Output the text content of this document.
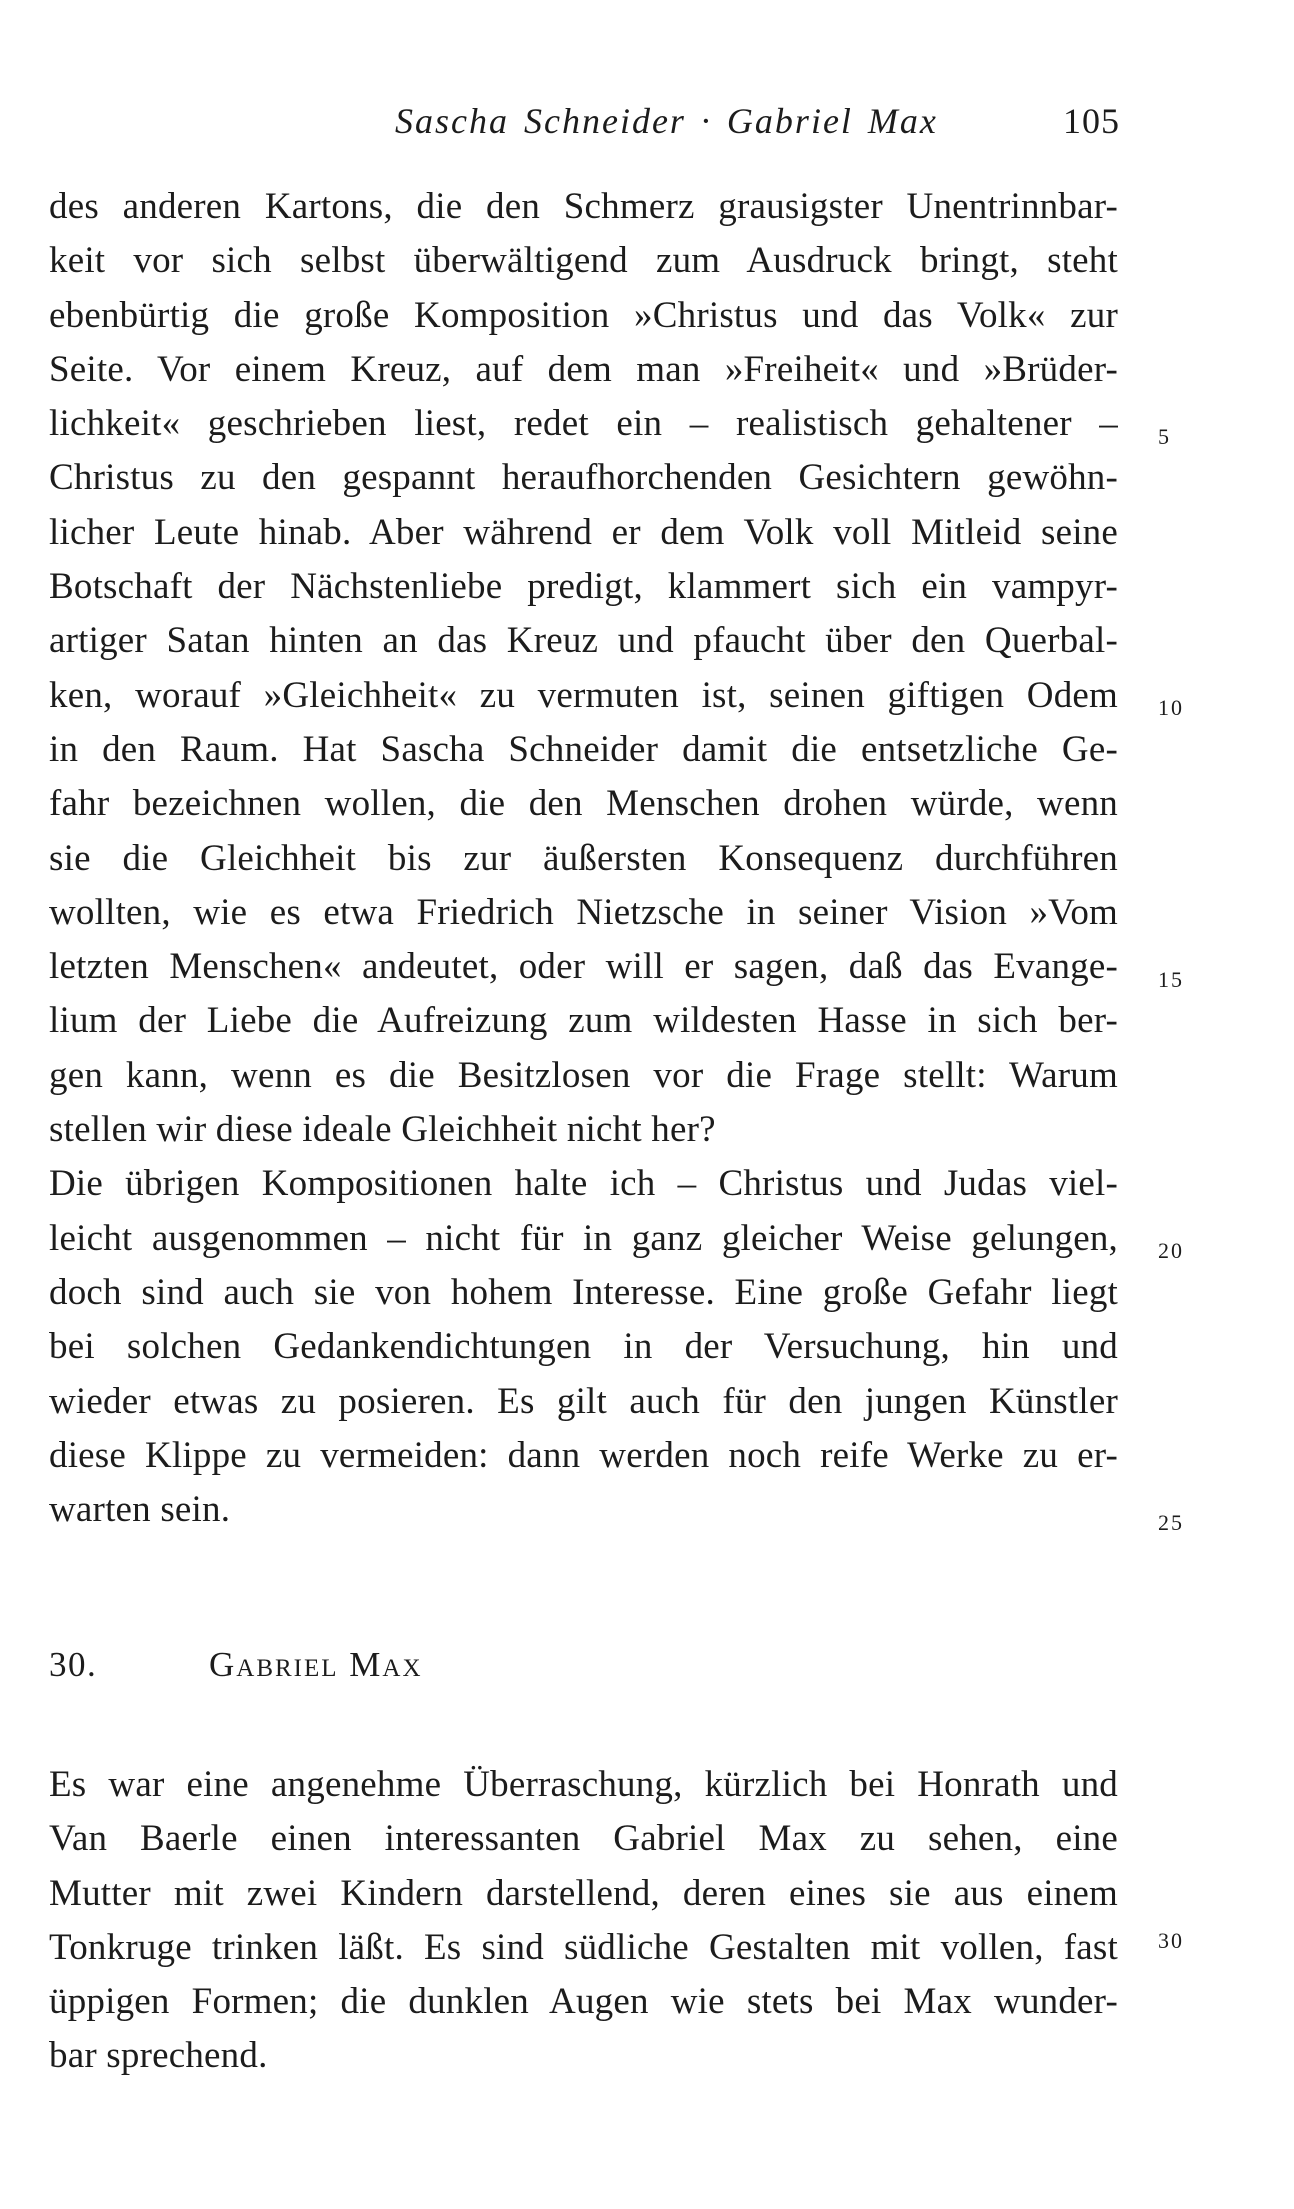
Sascha Schneider · Gabriel Max	105
des anderen Kartons, die den Schmerz grausigster Unentrinnbar-
keit vor sich selbst überwältigend zum Ausdruck bringt, steht
ebenbürtig die große Komposition »Christus und das Volk« zur
Seite. Vor einem Kreuz, auf dem man »Freiheit« und »Brüder-
lichkeit« geschrieben liest, redet ein – realistisch gehaltener –
Christus zu den gespannt heraufhorchenden Gesichtern gewöhn-
licher Leute hinab. Aber während er dem Volk voll Mitleid seine
Botschaft der Nächstenliebe predigt, klammert sich ein vampyr-
artiger Satan hinten an das Kreuz und pfaucht über den Querbal-
ken, worauf »Gleichheit« zu vermuten ist, seinen giftigen Odem
in den Raum. Hat Sascha Schneider damit die entsetzliche Ge-
fahr bezeichnen wollen, die den Menschen drohen würde, wenn
sie die Gleichheit bis zur äußersten Konsequenz durchführen
wollten, wie es etwa Friedrich Nietzsche in seiner Vision »Vom
letzten Menschen« andeutet, oder will er sagen, daß das Evange-
lium der Liebe die Aufreizung zum wildesten Hasse in sich ber-
gen kann, wenn es die Besitzlosen vor die Frage stellt: Warum
stellen wir diese ideale Gleichheit nicht her?
Die übrigen Kompositionen halte ich – Christus und Judas viel-
leicht ausgenommen – nicht für in ganz gleicher Weise gelungen,
doch sind auch sie von hohem Interesse. Eine große Gefahr liegt
bei solchen Gedankendichtungen in der Versuchung, hin und
wieder etwas zu posieren. Es gilt auch für den jungen Künstler
diese Klippe zu vermeiden: dann werden noch reife Werke zu er-
warten sein.
5
10
15
20
25
30.	Gabriel Max
Es war eine angenehme Überraschung, kürzlich bei Honrath und
Van Baerle einen interessanten Gabriel Max zu sehen, eine
Mutter mit zwei Kindern darstellend, deren eines sie aus einem
Tonkruge trinken läßt. Es sind südliche Gestalten mit vollen, fast
üppigen Formen; die dunklen Augen wie stets bei Max wunder-
bar sprechend.
30
